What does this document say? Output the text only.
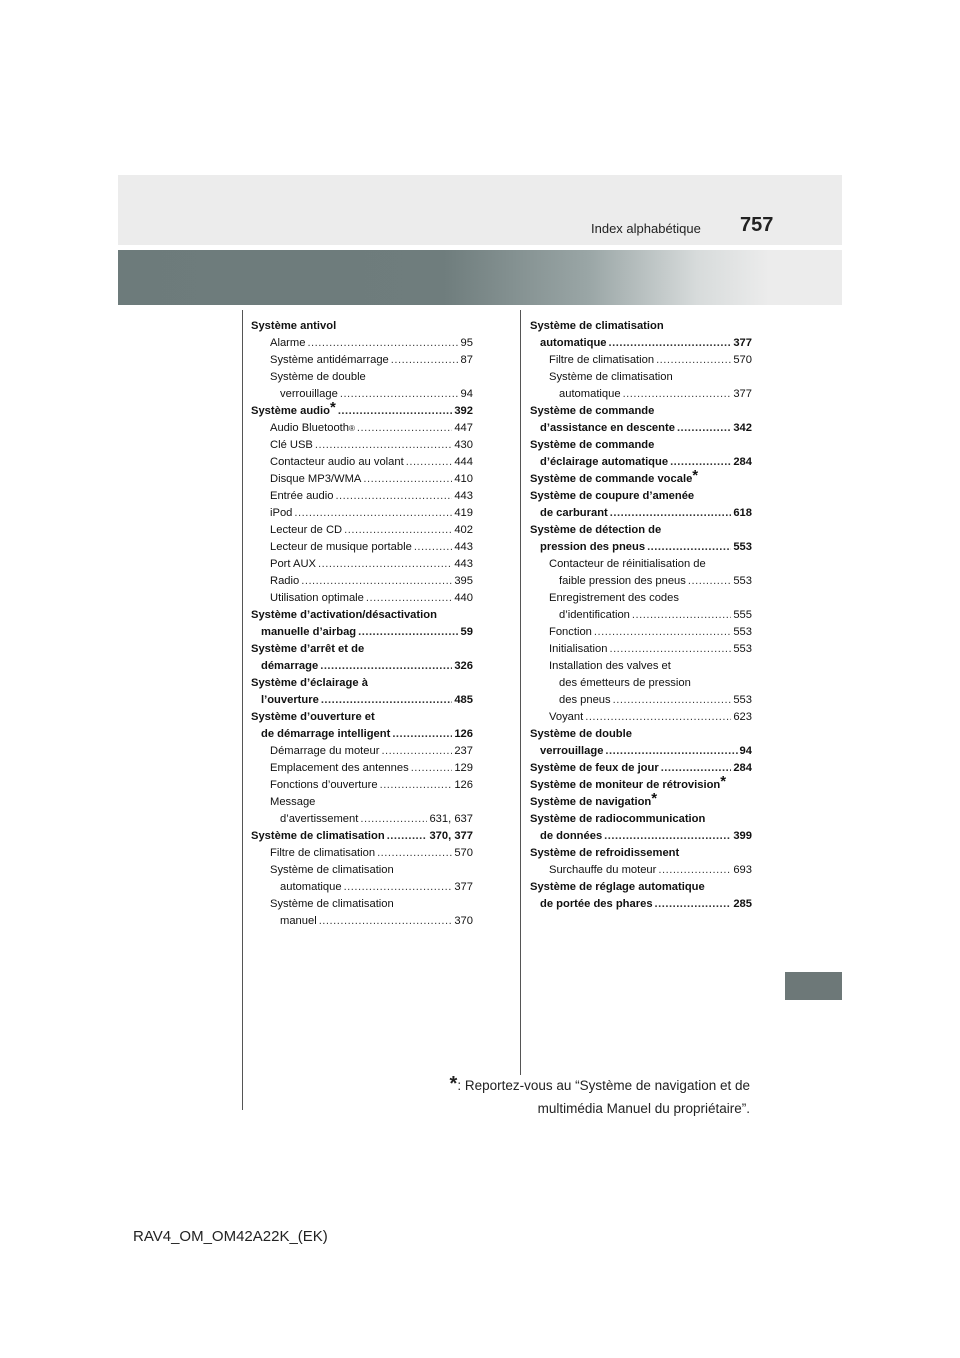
Index alphabétique 757
Système antivol
Alarme .....	95
Système antidémarrage .....	87
Système de double
verrouillage .....	94
Système audio * .....	392
Audio Bluetooth ® .....	447
Clé USB .....	430
Contacteur audio au volant .....	444
Disque MP3/WMA .....	410
Entrée audio .....	443
iPod .....	419
Lecteur de CD .....	402
Lecteur de musique portable .....	443
Port AUX .....	443
Radio .....	395
Utilisation optimale .....	440
Système d’activation/désactivation
manuelle d’airbag .....	59
Système d’arrêt et de
démarrage .....	326
Système d’éclairage à
l’ouverture .....	485
Système d’ouverture et
de démarrage intelligent .....	126
Démarrage du moteur .....	237
Emplacement des antennes .....	129
Fonctions d’ouverture .....	126
Message
d’avertissement .....	631, 637
Système de climatisation .....	370, 377
Filtre de climatisation .....	570
Système de climatisation
automatique .....	377
Système de climatisation
manuel .....	370
Système de climatisation
automatique .....	377
Filtre de climatisation .....	570
Système de climatisation
automatique .....	377
Système de commande
d’assistance en descente .....	342
Système de commande
d’éclairage automatique .....	284
Système de commande vocale*
Système de coupure d’amenée
de carburant .....	618
Système de détection de
pression des pneus .....	553
Contacteur de réinitialisation de
faible pression des pneus .....	553
Enregistrement des codes
d’identification .....	555
Fonction .....	553
Initialisation .....	553
Installation des valves et
des émetteurs de pression
des pneus .....	553
Voyant .....	623
Système de double
verrouillage .....	94
Système de feux de jour .....	284
Système de moniteur de rétrovision*
Système de navigation*
Système de radiocommunication
de données .....	399
Système de refroidissement
Surchauffe du moteur .....	693
Système de réglage automatique
de portée des phares .....	285
*: Reportez-vous au “Système de navigation et de
multimédia Manuel du propriétaire”.
RAV4_OM_OM42A22K_(EK)
